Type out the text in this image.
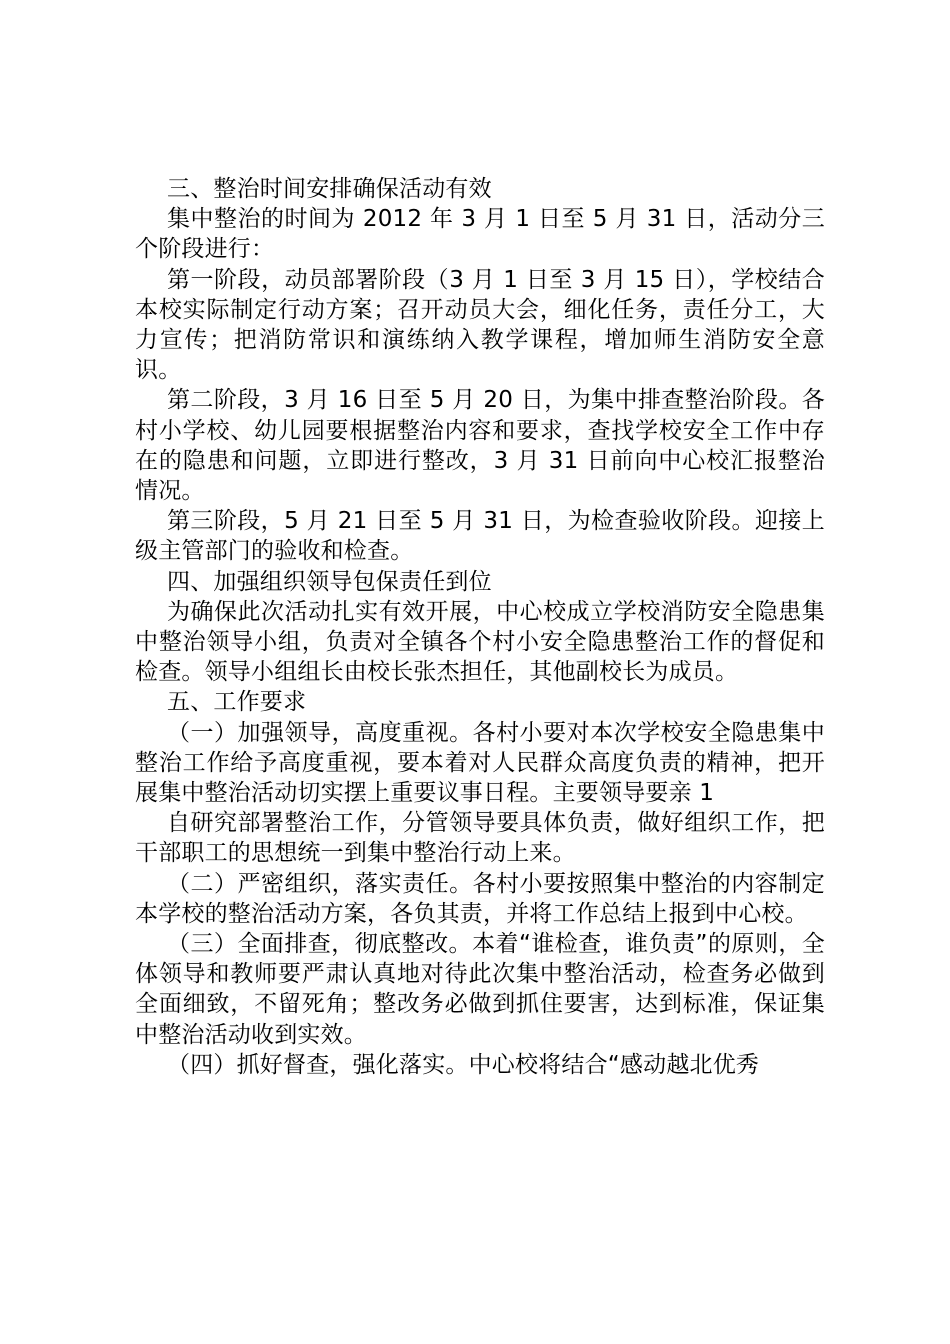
三、整治时间安排确保活动有效

集中整治的时间为 2012 年 3 月 1 日至 5 月 31 日，活动分三个阶段进行：

第一阶段，动员部署阶段（3 月 1 日至 3 月 15 日），学校结合本校实际制定行动方案；召开动员大会，细化任务，责任分工，大力宣传；把消防常识和演练纳入教学课程，增加师生消防安全意识。

第二阶段，3 月 16 日至 5 月 20 日，为集中排查整治阶段。各村小学校、幼儿园要根据整治内容和要求，查找学校安全工作中存在的隐患和问题，立即进行整改，3 月 31 日前向中心校汇报整治情况。

第三阶段，5 月 21 日至 5 月 31 日，为检查验收阶段。迎接上级主管部门的验收和检查。

四、加强组织领导包保责任到位

为确保此次活动扎实有效开展，中心校成立学校消防安全隐患集中整治领导小组，负责对全镇各个村小安全隐患整治工作的督促和检查。领导小组组长由校长张杰担任，其他副校长为成员。

五、工作要求

（一）加强领导，高度重视。各村小要对本次学校安全隐患集中整治工作给予高度重视，要本着对人民群众高度负责的精神，把开展集中整治活动切实摆上重要议事日程。主要领导要亲 1

自研究部署整治工作，分管领导要具体负责，做好组织工作，把干部职工的思想统一到集中整治行动上来。

（二）严密组织，落实责任。各村小要按照集中整治的内容制定本学校的整治活动方案，各负其责，并将工作总结上报到中心校。

（三）全面排查，彻底整改。本着“谁检查，谁负责”的原则，全体领导和教师要严肃认真地对待此次集中整治活动，检查务必做到全面细致，不留死角；整改务必做到抓住要害，达到标准，保证集中整治活动收到实效。

（四）抓好督查，强化落实。中心校将结合“感动越北优秀
